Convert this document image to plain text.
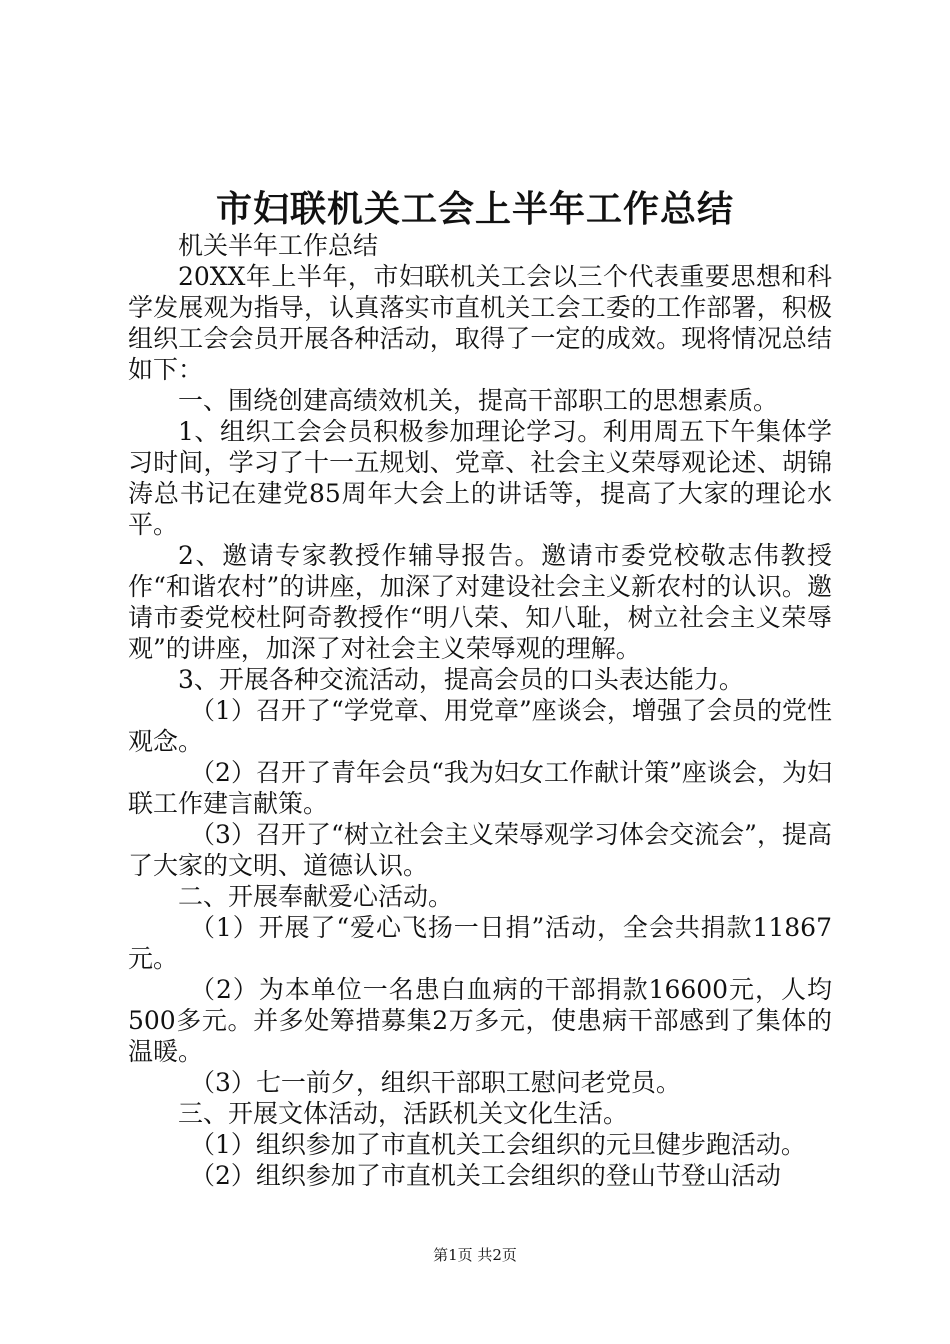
市妇联机关工会上半年工作总结

机关半年工作总结

20XX年上半年，市妇联机关工会以三个代表重要思想和科学发展观为指导，认真落实市直机关工会工委的工作部署，积极组织工会会员开展各种活动，取得了一定的成效。现将情况总结如下：

一、围绕创建高绩效机关，提高干部职工的思想素质。

1、组织工会会员积极参加理论学习。利用周五下午集体学习时间，学习了十一五规划、党章、社会主义荣辱观论述、胡锦涛总书记在建党85周年大会上的讲话等，提高了大家的理论水平。

2、邀请专家教授作辅导报告。邀请市委党校敬志伟教授作“和谐农村”的讲座，加深了对建设社会主义新农村的认识。邀请市委党校杜阿奇教授作“明八荣、知八耻，树立社会主义荣辱观”的讲座，加深了对社会主义荣辱观的理解。

3、开展各种交流活动，提高会员的口头表达能力。

（1）召开了“学党章、用党章”座谈会，增强了会员的党性观念。

（2）召开了青年会员“我为妇女工作献计策”座谈会，为妇联工作建言献策。

（3）召开了“树立社会主义荣辱观学习体会交流会”，提高了大家的文明、道德认识。

二、开展奉献爱心活动。

（1）开展了“爱心飞扬一日捐”活动，全会共捐款11867元。

（2）为本单位一名患白血病的干部捐款16600元，人均500多元。并多处筹措募集2万多元，使患病干部感到了集体的温暖。

（3）七一前夕，组织干部职工慰问老党员。

三、开展文体活动，活跃机关文化生活。

（1）组织参加了市直机关工会组织的元旦健步跑活动。

（2）组织参加了市直机关工会组织的登山节登山活动

第1页 共2页
